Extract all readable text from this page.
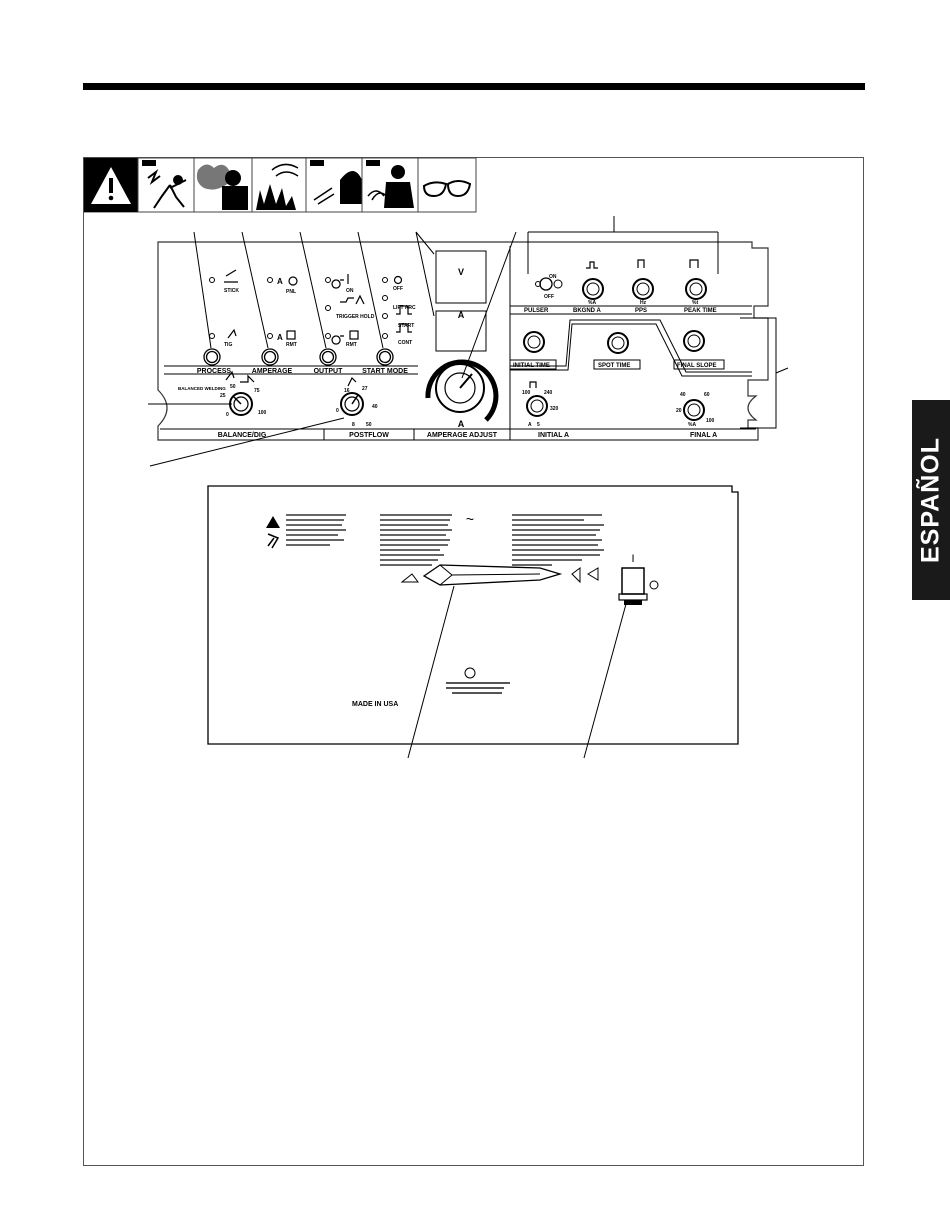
ESPAÑOL
BALANCE/DIG	POSTFLOW	AMPERAGE ADJUST	INITIAL A	FINAL A
PROCESS	AMPERAGE	OUTPUT	START MODE
V
A
STICK
TIG
PNL
RMT
ON
TRIGGER HOLD
RMT
OFF
LIFT ARC
START
CONT
A
A
BALANCED WELDING
25
50
75
0	100	0
8
16 27
40
50	A
ON
OFF
PULSER	BKGND A	PPS	PEAK TIME
%A	Hz	%t
INITIAL TIME	SPOT TIME	FINAL SLOPE
5
100	240
320
A
40	60
20
100
%A
~
I
MADE IN USA
